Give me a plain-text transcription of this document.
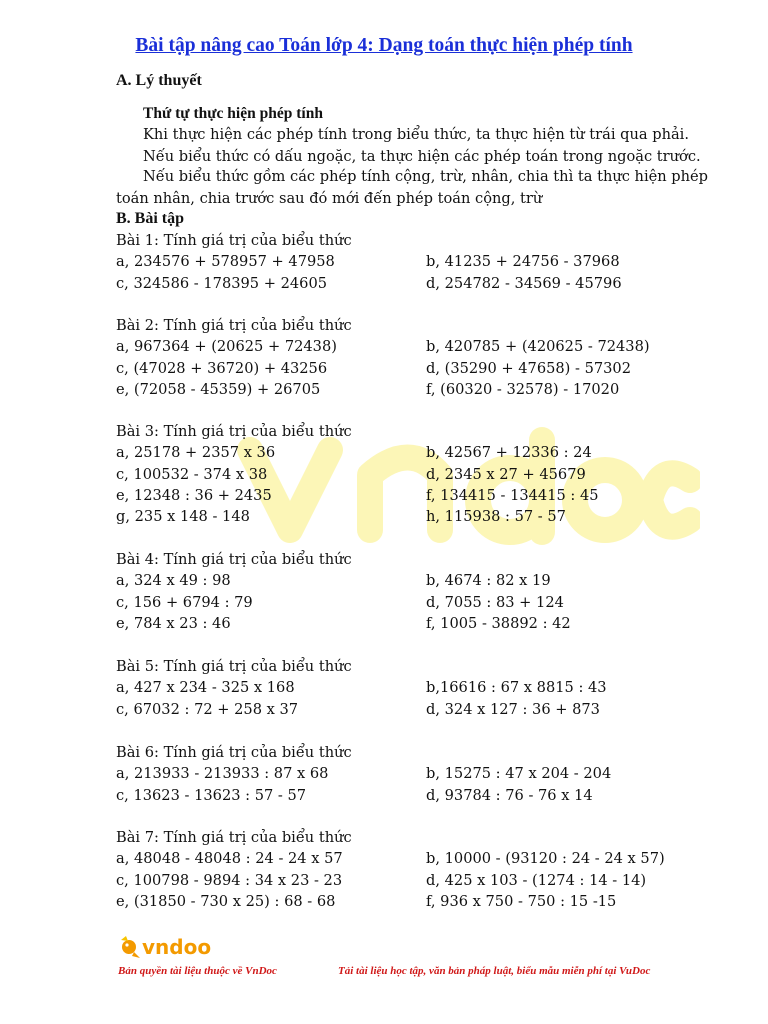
Bài tập nâng cao Toán lớp 4: Dạng toán thực hiện phép tính
A. Lý thuyết
Thứ tự thực hiện phép tính
Khi thực hiện các phép tính trong biểu thức, ta thực hiện từ trái qua phải.
Nếu biểu thức có dấu ngoặc, ta thực hiện các phép toán trong ngoặc trước.
Nếu biểu thức gồm các phép tính cộng, trừ, nhân, chia thì ta thực hiện phép toán nhân, chia trước sau đó mới đến phép toán cộng, trừ
B. Bài tập
Bài 1: Tính giá trị của biểu thức
a, 234576 + 578957 + 47958	b, 41235 + 24756 - 37968
c, 324586 - 178395 + 24605	d, 254782 - 34569 - 45796
Bài 2: Tính giá trị của biểu thức
a, 967364 + (20625 + 72438)	b, 420785 + (420625 - 72438)
c, (47028 + 36720) + 43256	d, (35290 + 47658) - 57302
e, (72058 - 45359) + 26705	f, (60320 - 32578) - 17020
Bài 3: Tính giá trị của biểu thức
a, 25178 + 2357 x 36	b, 42567 + 12336 : 24
c, 100532 - 374 x 38	d, 2345 x 27 + 45679
e, 12348 : 36 + 2435	f, 134415 - 134415 : 45
g, 235 x 148 - 148	h, 115938 : 57 - 57
Bài 4: Tính giá trị của biểu thức
a, 324 x 49 : 98	b, 4674 : 82 x 19
c, 156 + 6794 : 79	d, 7055 : 83 + 124
e, 784 x 23 : 46	f, 1005 - 38892 : 42
Bài 5: Tính giá trị của biểu thức
a, 427 x 234 - 325 x 168	b,16616 : 67 x 8815 : 43
c, 67032 : 72 + 258 x 37	d, 324 x 127 : 36 + 873
Bài 6: Tính giá trị của biểu thức
a, 213933 - 213933 : 87 x 68	b, 15275 : 47 x 204 - 204
c, 13623 - 13623 : 57 - 57	d, 93784 : 76 - 76 x 14
Bài 7: Tính giá trị của biểu thức
a, 48048 - 48048 : 24 - 24 x 57	b, 10000 - (93120 : 24 - 24 x 57)
c, 100798 - 9894 : 34 x 23 - 23	d, 425 x 103 - (1274 : 14 - 14)
e, (31850 - 730 x 25) : 68 - 68	f, 936 x 750 - 750 : 15 -15
vndoo
Bản quyền tài liệu thuộc về VnDoc	Tải tài liệu học tập, văn bản pháp luật, biểu mẫu miễn phí tại VuDoc
